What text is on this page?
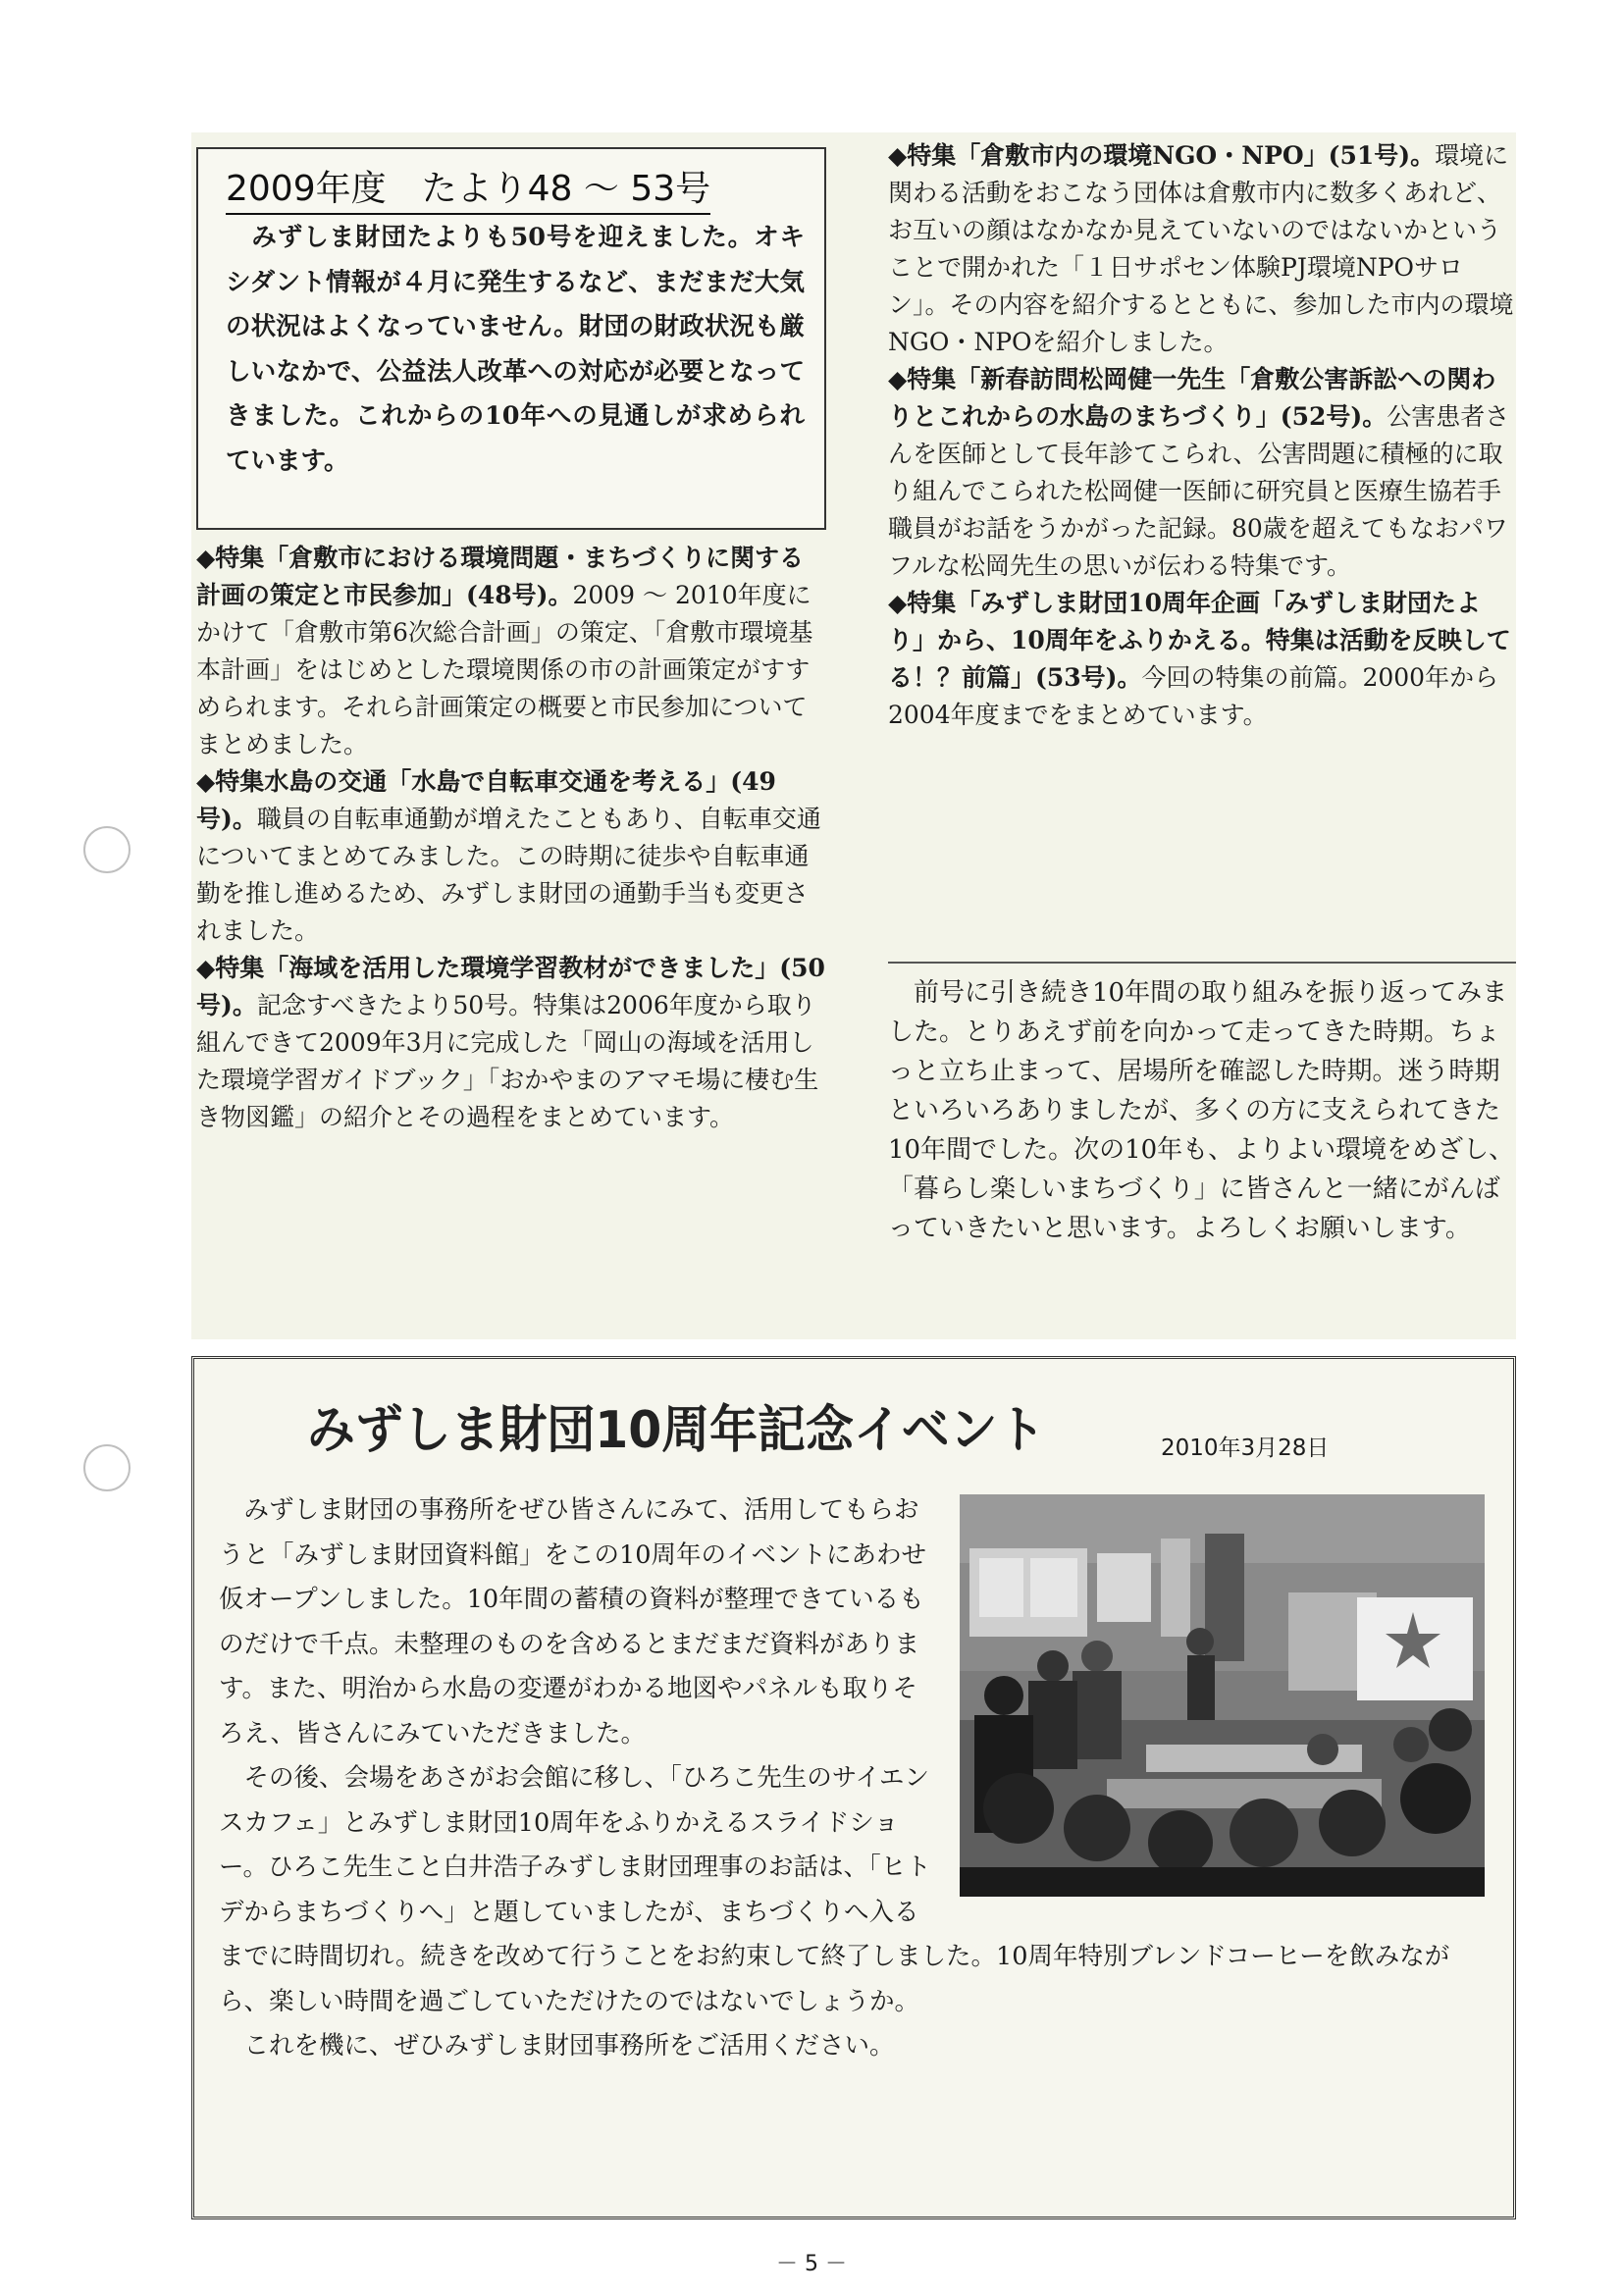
2009年度　たより48 ～ 53号
　みずしま財団たよりも50号を迎えました。オキシダント情報が４月に発生するなど、まだまだ大気の状況はよくなっていません。財団の財政状況も厳しいなかで、公益法人改革への対応が必要となってきました。これからの10年への見通しが求められています。

◆特集「倉敷市における環境問題・まちづくりに関する計画の策定と市民参加」(48号)。2009 ～ 2010年度にかけて「倉敷市第6次総合計画」の策定、「倉敷市環境基本計画」をはじめとした環境関係の市の計画策定がすすめられます。それら計画策定の概要と市民参加についてまとめました。

◆特集水島の交通「水島で自転車交通を考える」(49号)。職員の自転車通勤が増えたこともあり、自転車交通についてまとめてみました。この時期に徒歩や自転車通勤を推し進めるため、みずしま財団の通勤手当も変更されました。

◆特集「海域を活用した環境学習教材ができました」(50号)。記念すべきたより50号。特集は2006年度から取り組んできて2009年3月に完成した「岡山の海域を活用した環境学習ガイドブック」「おかやまのアマモ場に棲む生き物図鑑」の紹介とその過程をまとめています。

◆特集「倉敷市内の環境NGO・NPO」(51号)。環境に関わる活動をおこなう団体は倉敷市内に数多くあれど、お互いの顔はなかなか見えていないのではないかということで開かれた「１日サポセン体験PJ環境NPOサロン」。その内容を紹介するとともに、参加した市内の環境NGO・NPOを紹介しました。

◆特集「新春訪問松岡健一先生「倉敷公害訴訟への関わりとこれからの水島のまちづくり」(52号)。公害患者さんを医師として長年診てこられ、公害問題に積極的に取り組んでこられた松岡健一医師に研究員と医療生協若手職員がお話をうかがった記録。80歳を超えてもなおパワフルな松岡先生の思いが伝わる特集です。

◆特集「みずしま財団10周年企画「みずしま財団たより」から、10周年をふりかえる。特集は活動を反映してる！？前篇」(53号)。今回の特集の前篇。2000年から2004年度までをまとめています。

　前号に引き続き10年間の取り組みを振り返ってみました。とりあえず前を向かって走ってきた時期。ちょっと立ち止まって、居場所を確認した時期。迷う時期といろいろありましたが、多くの方に支えられてきた10年間でした。次の10年も、よりよい環境をめざし、「暮らし楽しいまちづくり」に皆さんと一緒にがんばっていきたいと思います。よろしくお願いします。
みずしま財団10周年記念イベント	2010年3月28日

　みずしま財団の事務所をぜひ皆さんにみて、活用してもらおうと「みずしま財団資料館」をこの10周年のイベントにあわせ仮オープンしました。10年間の蓄積の資料が整理できているものだけで千点。未整理のものを含めるとまだまだ資料があります。また、明治から水島の変遷がわかる地図やパネルも取りそろえ、皆さんにみていただきました。

　その後、会場をあさがお会館に移し、「ひろこ先生のサイエンスカフェ」とみずしま財団10周年をふりかえるスライドショー。ひろこ先生こと白井浩子みずしま財団理事のお話は、「ヒトデからまちづくりへ」と題していましたが、まちづくりへ入るまでに時間切れ。続きを改めて行うことをお約束して終了しました。10周年特別ブレンドコーヒーを飲みながら、楽しい時間を過ごしていただけたのではないでしょうか。

　これを機に、ぜひみずしま財団事務所をご活用ください。

－ 5 －
